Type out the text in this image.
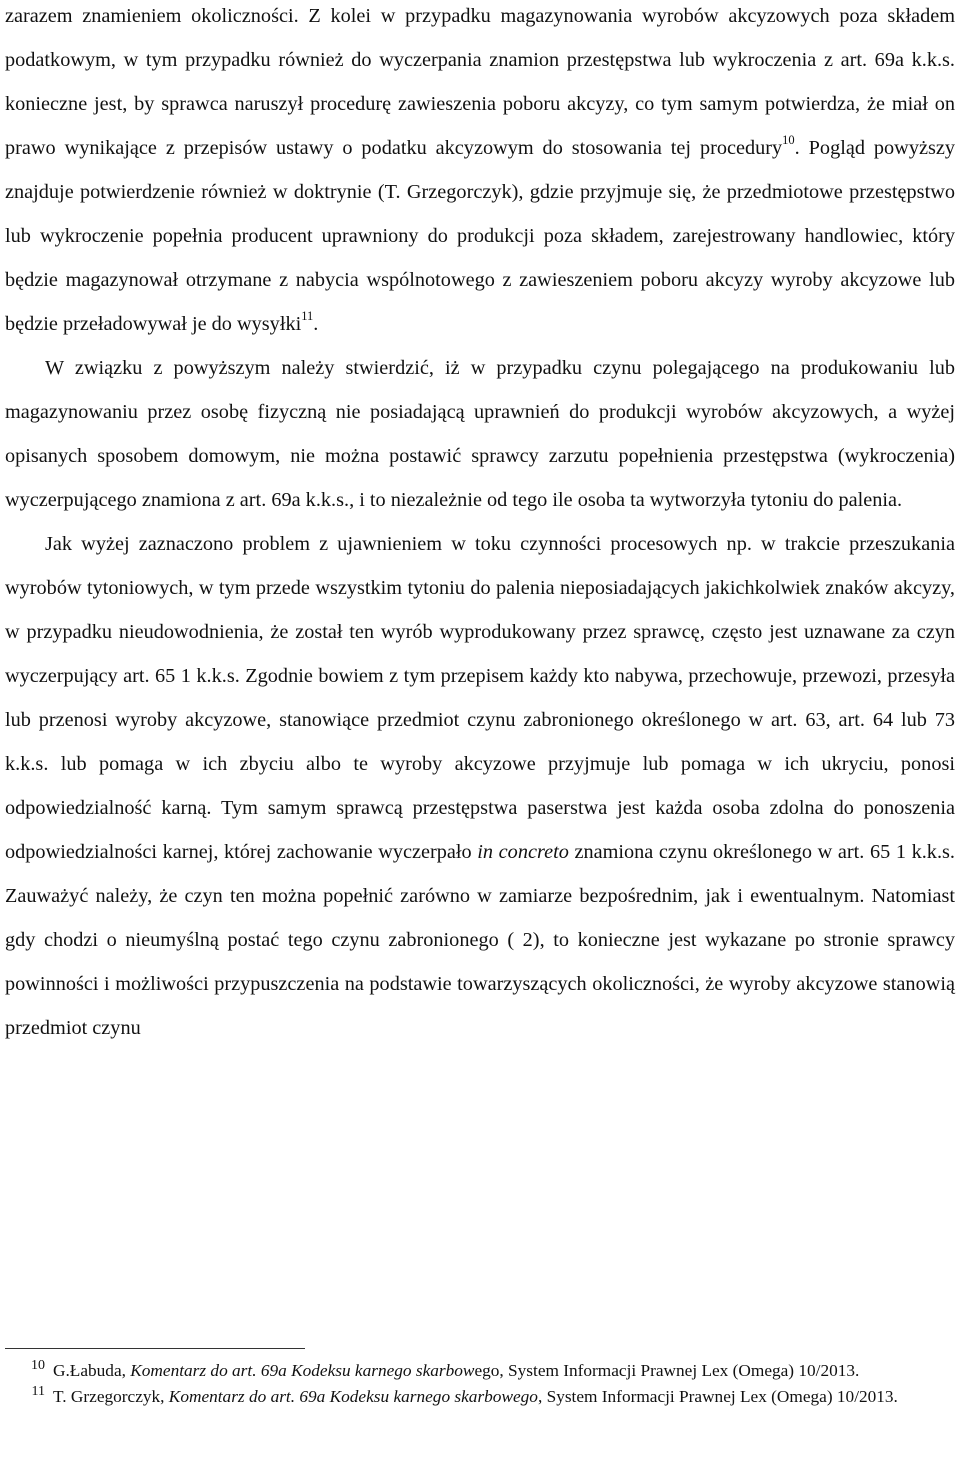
zarazem znamieniem okoliczności. Z kolei w przypadku magazynowania wyrobów akcyzowych poza składem podatkowym, w tym przypadku również do wyczerpania znamion przestępstwa lub wykroczenia z art. 69a k.k.s. konieczne jest, by sprawca naruszył procedurę zawieszenia poboru akcyzy, co tym samym potwierdza, że miał on prawo wynikające z przepisów ustawy o podatku akcyzowym do stosowania tej procedury$^{10}$. Pogląd powyższy znajduje potwierdzenie również w doktrynie (T. Grzegorczyk), gdzie przyjmuje się, że przedmiotowe przestępstwo lub wykroczenie popełnia producent uprawniony do produkcji poza składem, zarejestrowany handlowiec, który będzie magazynował otrzymane z nabycia wspólnotowego z zawieszeniem poboru akcyzy wyroby akcyzowe lub będzie przeładowywał je do wysyłki$^{11}$.

W związku z powyższym należy stwierdzić, iż w przypadku czynu polegającego na produkowaniu lub magazynowaniu przez osobę fizyczną nie posiadającą uprawnień do produkcji wyrobów akcyzowych, a wyżej opisanych sposobem domowym, nie można postawić sprawcy zarzutu popełnienia przestępstwa (wykroczenia) wyczerpującego znamiona z art. 69a k.k.s., i to niezależnie od tego ile osoba ta wytworzyła tytoniu do palenia.

Jak wyżej zaznaczono problem z ujawnieniem w toku czynności procesowych np. w trakcie przeszukania wyrobów tytoniowych, w tym przede wszystkim tytoniu do palenia nieposiadających jakichkolwiek znaków akcyzy, w przypadku nieudowodnienia, że został ten wyrób wyprodukowany przez sprawcę, często jest uznawane za czyn wyczerpujący art. 65 1 k.k.s. Zgodnie bowiem z tym przepisem każdy kto nabywa, przechowuje, przewozi, przesyła lub przenosi wyroby akcyzowe, stanowiące przedmiot czynu zabronionego określonego w art. 63, art. 64 lub 73 k.k.s. lub pomaga w ich zbyciu albo te wyroby akcyzowe przyjmuje lub pomaga w ich ukryciu, ponosi odpowiedzialność karną. Tym samym sprawcą przestępstwa paserstwa jest każda osoba zdolna do ponoszenia odpowiedzialności karnej, której zachowanie wyczerpało in concreto znamiona czynu określonego w art. 65 1 k.k.s. Zauważyć należy, że czyn ten można popełnić zarówno w zamiarze bezpośrednim, jak i ewentualnym. Natomiast gdy chodzi o nieumyślną postać tego czynu zabronionego ( 2), to konieczne jest wykazane po stronie sprawcy powinności i możliwości przypuszczenia na podstawie towarzyszących okoliczności, że wyroby akcyzowe stanowią przedmiot czynu

10 G.Łabuda, Komentarz do art. 69a Kodeksu karnego skarbowego, System Informacji Prawnej Lex (Omega) 10/2013.

11 T. Grzegorczyk, Komentarz do art. 69a Kodeksu karnego skarbowego, System Informacji Prawnej Lex (Omega) 10/2013.
